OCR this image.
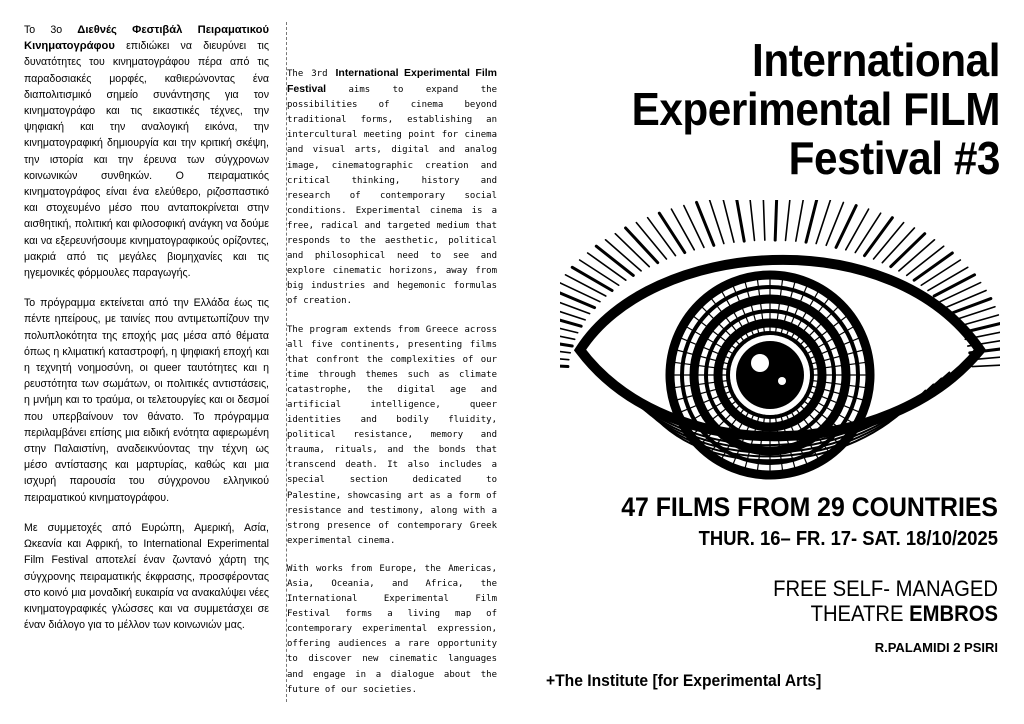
Το 3ο Διεθνές Φεστιβάλ Πειραματικού Κινηματογράφου επιδιώκει να διευρύνει τις δυνατότητες του κινηματογράφου πέρα από τις παραδοσιακές μορφές, καθιερώνοντας ένα διαπολιτισμικό σημείο συνάντησης για τον κινηματογράφο και τις εικαστικές τέχνες, την ψηφιακή και την αναλογική εικόνα, την κινηματογραφική δημιουργία και την κριτική σκέψη, την ιστορία και την έρευνα των σύγχρονων κοινωνικών συνθηκών. Ο πειραματικός κινηματογράφος είναι ένα ελεύθερο, ριζοσπαστικό και στοχευμένο μέσο που ανταποκρίνεται στην αισθητική, πολιτική και φιλοσοφική ανάγκη να δούμε και να εξερευνήσουμε κινηματογραφικούς ορίζοντες, μακριά από τις μεγάλες βιομηχανίες και τις ηγεμονικές φόρμουλες παραγωγής.

Το πρόγραμμα εκτείνεται από την Ελλάδα έως τις πέντε ηπείρους, με ταινίες που αντιμετωπίζουν την πολυπλοκότητα της εποχής μας μέσα από θέματα όπως η κλιματική καταστροφή, η ψηφιακή εποχή και η τεχνητή νοημοσύνη, οι queer ταυτότητες και η ρευστότητα των σωμάτων, οι πολιτικές αντιστάσεις, η μνήμη και το τραύμα, οι τελετουργίες και οι δεσμοί που υπερβαίνουν τον θάνατο. Το πρόγραμμα περιλαμβάνει επίσης μια ειδική ενότητα αφιερωμένη στην Παλαιστίνη, αναδεικνύοντας την τέχνη ως μέσο αντίστασης και μαρτυρίας, καθώς και μια ισχυρή παρουσία του σύγχρονου ελληνικού πειραματικού κινηματογράφου.

Με συμμετοχές από Ευρώπη, Αμερική, Ασία, Ωκεανία και Αφρική, το International Experimental Film Festival αποτελεί έναν ζωντανό χάρτη της σύγχρονης πειραματικής έκφρασης, προσφέροντας στο κοινό μια μοναδική ευκαιρία να ανακαλύψει νέες κινηματογραφικές γλώσσες και να συμμετάσχει σε έναν διάλογο για το μέλλον των κοινωνιών μας.

The 3rd International Experimental Film Festival aims to expand the possibilities of cinema beyond traditional forms, establishing an intercultural meeting point for cinema and visual arts, digital and analog image, cinematographic creation and critical thinking, history and research of contemporary social conditions. Experimental cinema is a free, radical and targeted medium that responds to the aesthetic, political and philosophical need to see and explore cinematic horizons, away from big industries and hegemonic formulas of creation.

The program extends from Greece across all five continents, presenting films that confront the complexities of our time through themes such as climate catastrophe, the digital age and artificial intelligence, queer identities and bodily fluidity, political resistance, memory and trauma, rituals, and the bonds that transcend death. It also includes a special section dedicated to Palestine, showcasing art as a form of resistance and testimony, along with a strong presence of contemporary Greek experimental cinema.

With works from Europe, the Americas, Asia, Oceania, and Africa, the International Experimental Film Festival forms a living map of contemporary experimental expression, offering audiences a rare opportunity to discover new cinematic languages and engage in a dialogue about the future of our societies.

International
Experimental FILM
Festival #3
47 FILMS FROM 29 COUNTRIES
THUR. 16– FR. 17- SAT. 18/10/2025
FREE SELF- MANAGED
THEATRE EMBROS
R.PALAMIDI 2 PSIRI
+The Institute [for Experimental Arts]
